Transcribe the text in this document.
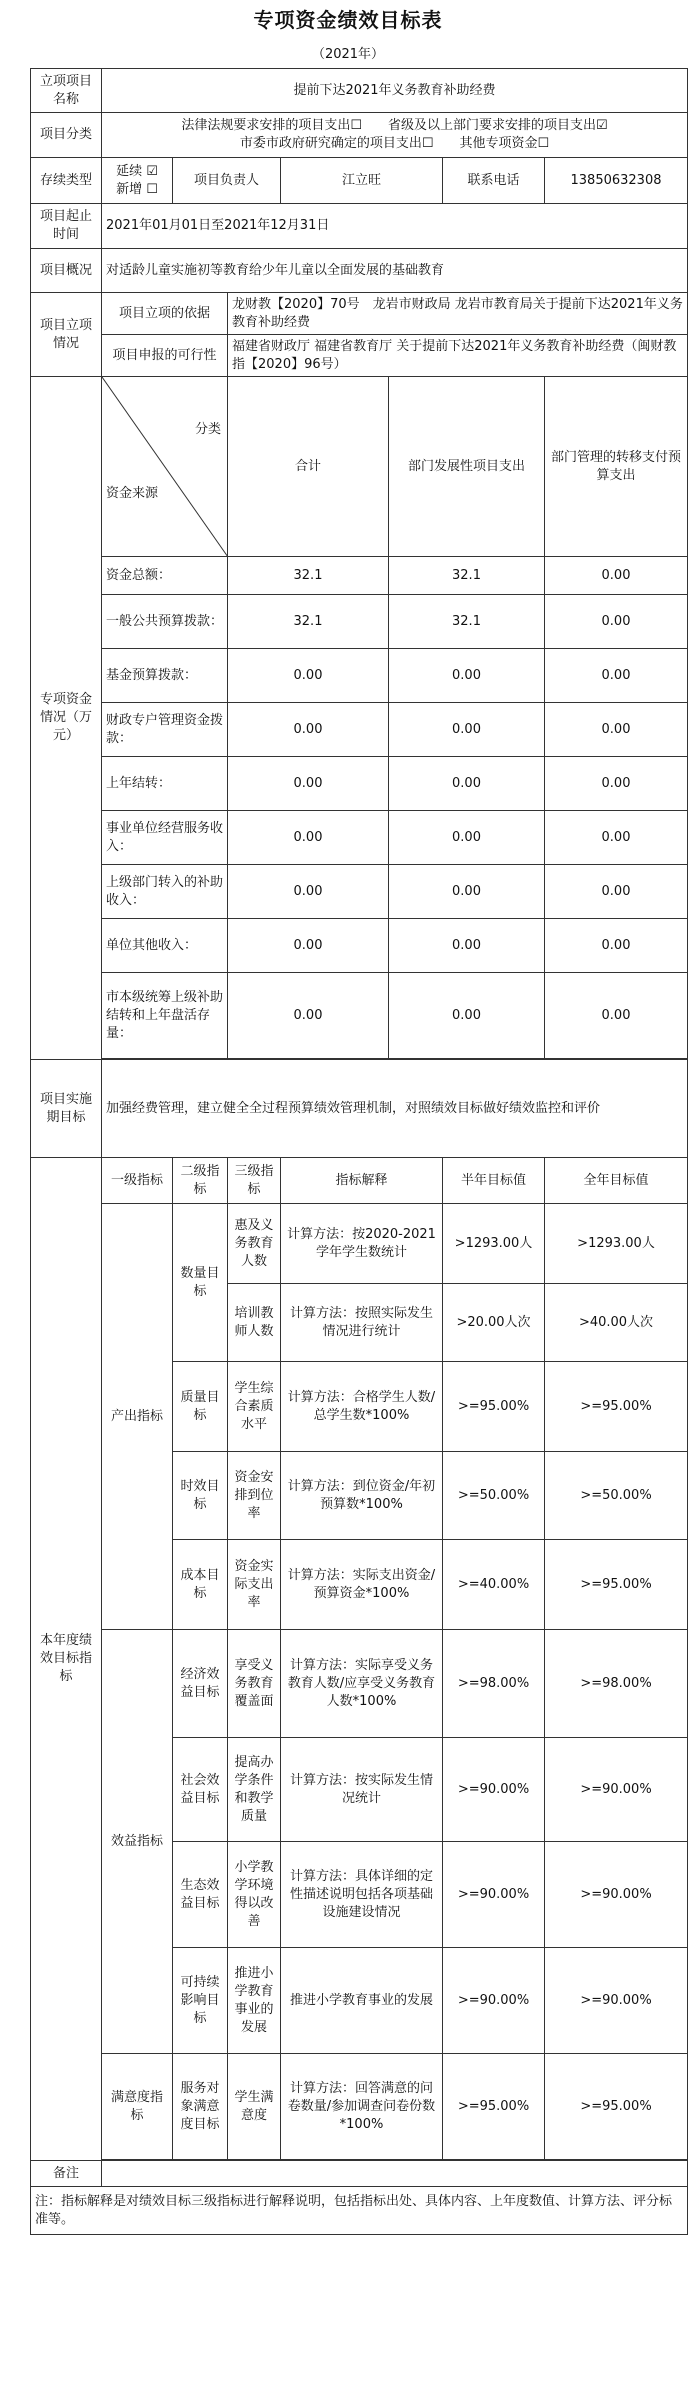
专项资金绩效目标表
（2021年）
立项项目名称	提前下达2021年义务教育补助经费						
项目分类	法律法规要求安排的项目支出☐　　省级及以上部门要求安排的项目支出☑
市委市政府研究确定的项目支出☐　　其他专项资金☐						

存续类型	延续 ☑　新增 ☐	项目负责人		江立旺		联系电话	13850632308
项目起止时间	2021年01月01日至2021年12月31日						
项目概况	对适龄儿童实施初等教育给少年儿童以全面发展的基础教育						
项目立项情况	项目立项的依据		龙财教【2020】70号　龙岩市财政局 龙岩市教育局关于提前下达2021年义务教育补助经费				
	项目申报的可行性		福建省财政厅 福建省教育厅 关于提前下达2021年义务教育补助经费（闽财教指【2020】96号）				
专项资金情况（万元）	分类
资金来源		合计		部门发展性项目支出		部门管理的转移支付预算支出
	资金总额：		32.1		32.1		0.00
	一般公共预算拨款：		32.1		32.1		0.00
	基金预算拨款：		0.00		0.00		0.00
	财政专户管理资金拨款：		0.00		0.00		0.00
	上年结转：		0.00		0.00		0.00
	事业单位经营服务收入：		0.00		0.00		0.00
	上级部门转入的补助收入：		0.00		0.00		0.00
	单位其他收入：		0.00		0.00		0.00
	市本级统筹上级补助结转和上年盘活存量：		0.00		0.00		0.00

项目实施期目标	加强经费管理，建立健全全过程预算绩效管理机制，对照绩效目标做好绩效监控和评价						
本年度绩效目标指标	一级指标	二级指标	三级指标	指标解释		半年目标值	全年目标值
	产出指标	数量目标	惠及义务教育人数	计算方法：按2020-2021学年学生数统计		>1293.00人	>1293.00人
			培训教师人数	计算方法：按照实际发生情况进行统计		>20.00人次	>40.00人次
		质量目标	学生综合素质水平	计算方法：合格学生人数/总学生数*100%		>=95.00%	>=95.00%
		时效目标	资金安排到位率	计算方法：到位资金/年初预算数*100%		>=50.00%	>=50.00%
		成本目标	资金实际支出率	计算方法：实际支出资金/预算资金*100%		>=40.00%	>=95.00%
	效益指标	经济效益目标	享受义务教育覆盖面	计算方法：实际享受义务教育人数/应享受义务教育人数*100%		>=98.00%	>=98.00%
		社会效益目标	提高办学条件和教学质量	计算方法：按实际发生情况统计		>=90.00%	>=90.00%
		生态效益目标	小学教学环境得以改善	计算方法：具体详细的定性描述说明包括各项基础设施建设情况		>=90.00%	>=90.00%
		可持续影响目标	推进小学教育事业的发展	推进小学教育事业的发展		>=90.00%	>=90.00%
	满意度指标	服务对象满意度目标	学生满意度	计算方法：回答满意的问卷数量/参加调查问卷份数*100%		>=95.00%	>=95.00%

备注							
注：指标解释是对绩效目标三级指标进行解释说明，包括指标出处、具体内容、上年度数值、计算方法、评分标准等。							
